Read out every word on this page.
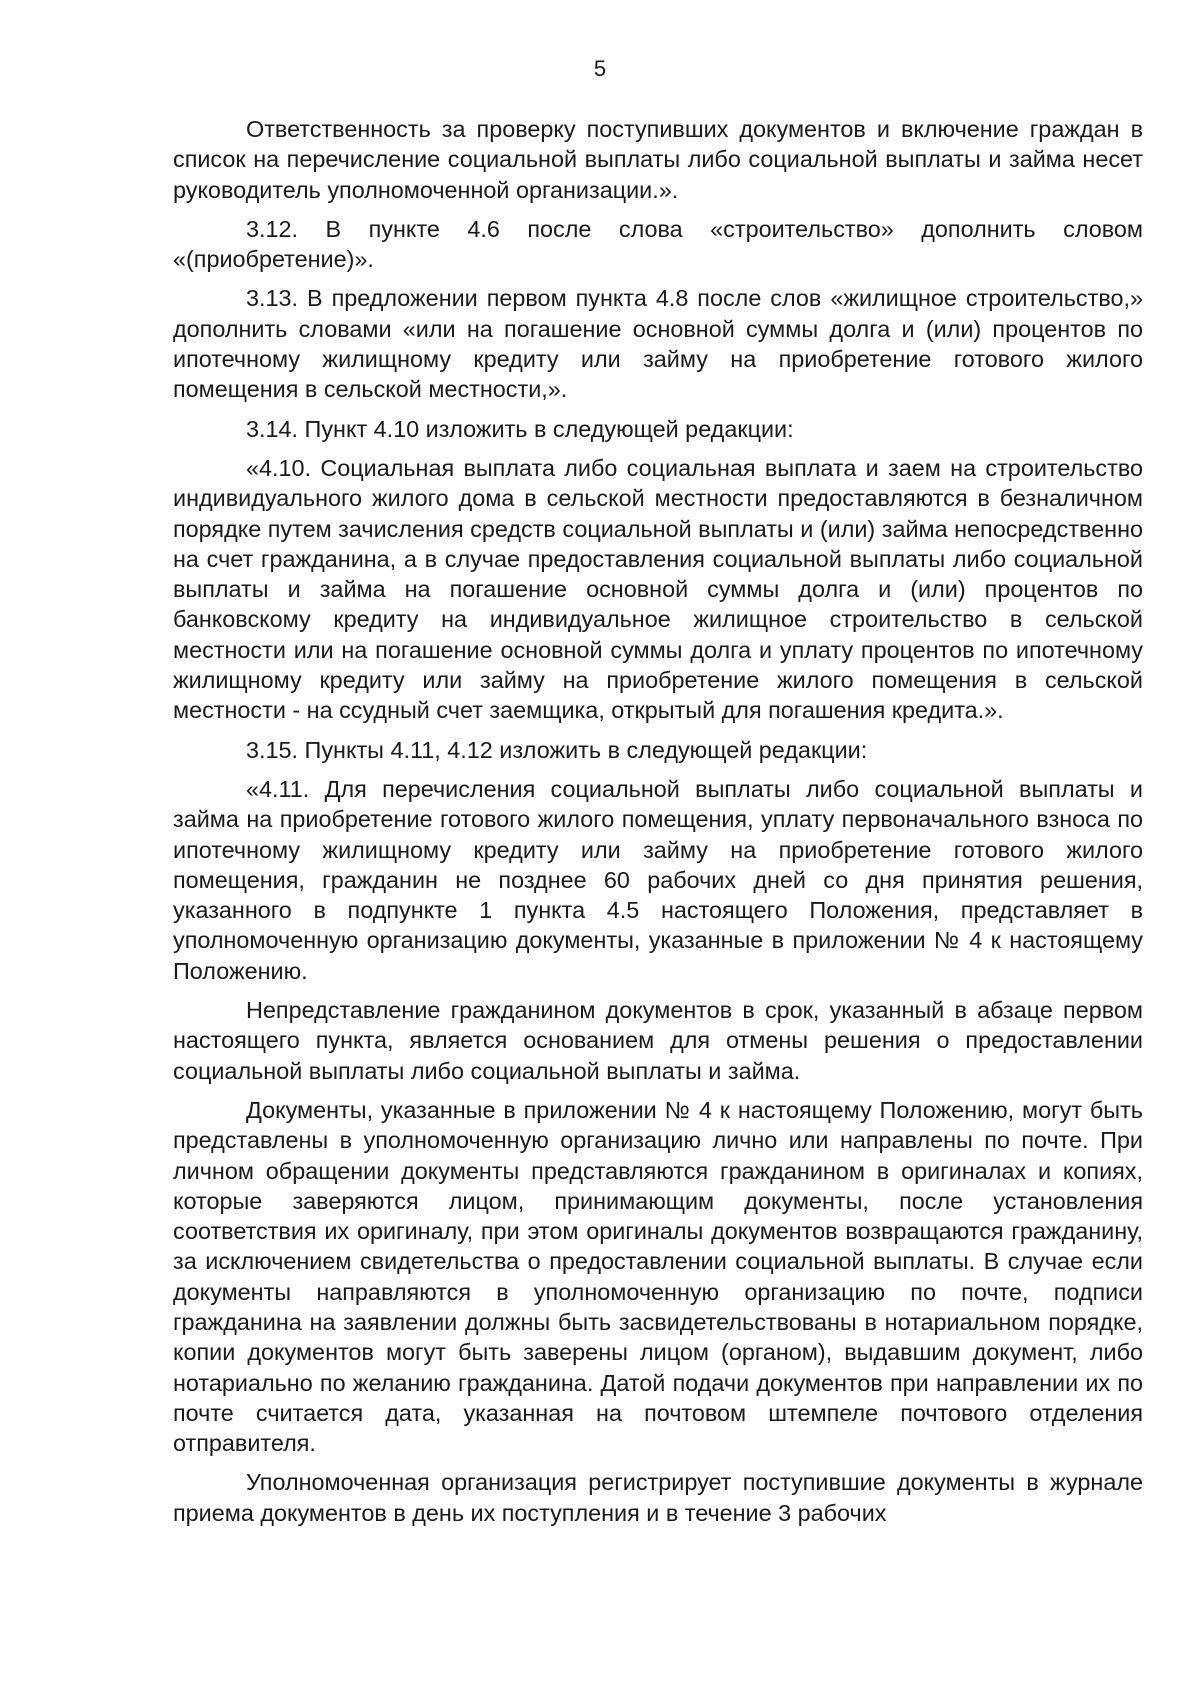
5

Ответственность за проверку поступивших документов и включение граждан в список на перечисление социальной выплаты либо социальной выплаты и займа несет руководитель уполномоченной организации.».

3.12. В пункте 4.6 после слова «строительство» дополнить словом «(приобретение)».

3.13. В предложении первом пункта 4.8 после слов «жилищное строительство,» дополнить словами «или на погашение основной суммы долга и (или) процентов по ипотечному жилищному кредиту или займу на приобретение готового жилого помещения в сельской местности,».

3.14. Пункт 4.10 изложить в следующей редакции:

«4.10. Социальная выплата либо социальная выплата и заем на строительство индивидуального жилого дома в сельской местности предоставляются в безналичном порядке путем зачисления средств социальной выплаты и (или) займа непосредственно на счет гражданина, а в случае предоставления социальной выплаты либо социальной выплаты и займа на погашение основной суммы долга и (или) процентов по банковскому кредиту на индивидуальное жилищное строительство в сельской местности или на погашение основной суммы долга и уплату процентов по ипотечному жилищному кредиту или займу на приобретение жилого помещения в сельской местности - на ссудный счет заемщика, открытый для погашения кредита.».

3.15. Пункты 4.11, 4.12 изложить в следующей редакции:

«4.11. Для перечисления социальной выплаты либо социальной выплаты и займа на приобретение готового жилого помещения, уплату первоначального взноса по ипотечному жилищному кредиту или займу на приобретение готового жилого помещения, гражданин не позднее 60 рабочих дней со дня принятия решения, указанного в подпункте 1 пункта 4.5 настоящего Положения, представляет в уполномоченную организацию документы, указанные в приложении № 4 к настоящему Положению.

Непредставление гражданином документов в срок, указанный в абзаце первом настоящего пункта, является основанием для отмены решения о предоставлении социальной выплаты либо социальной выплаты и займа.

Документы, указанные в приложении № 4 к настоящему Положению, могут быть представлены в уполномоченную организацию лично или направлены по почте. При личном обращении документы представляются гражданином в оригиналах и копиях, которые заверяются лицом, принимающим документы, после установления соответствия их оригиналу, при этом оригиналы документов возвращаются гражданину, за исключением свидетельства о предоставлении социальной выплаты. В случае если документы направляются в уполномоченную организацию по почте, подписи гражданина на заявлении должны быть засвидетельствованы в нотариальном порядке, копии документов могут быть заверены лицом (органом), выдавшим документ, либо нотариально по желанию гражданина. Датой подачи документов при направлении их по почте считается дата, указанная на почтовом штемпеле почтового отделения отправителя.

Уполномоченная организация регистрирует поступившие документы в журнале приема документов в день их поступления и в течение 3 рабочих
